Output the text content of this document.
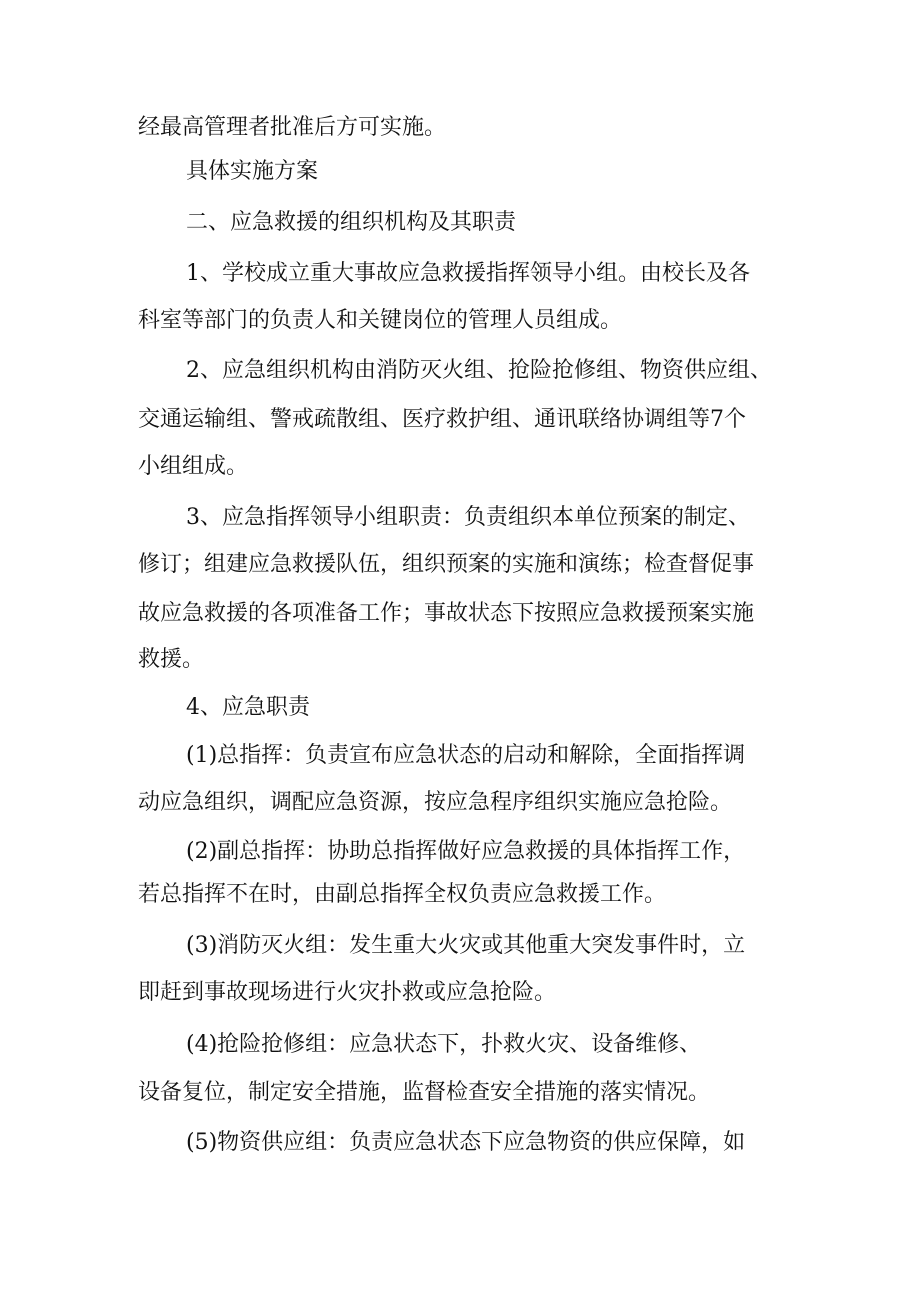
经最高管理者批准后方可实施。
具体实施方案
二、应急救援的组织机构及其职责
1、学校成立重大事故应急救援指挥领导小组。由校长及各
科室等部门的负责人和关键岗位的管理人员组成。
2、应急组织机构由消防灭火组、抢险抢修组、物资供应组、
交通运输组、警戒疏散组、医疗救护组、通讯联络协调组等7个
小组组成。
3、应急指挥领导小组职责：负责组织本单位预案的制定、
修订；组建应急救援队伍，组织预案的实施和演练；检查督促事
故应急救援的各项准备工作；事故状态下按照应急救援预案实施
救援。
4、应急职责
(1)总指挥：负责宣布应急状态的启动和解除，全面指挥调
动应急组织，调配应急资源，按应急程序组织实施应急抢险。
(2)副总指挥：协助总指挥做好应急救援的具体指挥工作，
若总指挥不在时，由副总指挥全权负责应急救援工作。
(3)消防灭火组：发生重大火灾或其他重大突发事件时，立
即赶到事故现场进行火灾扑救或应急抢险。
(4)抢险抢修组：应急状态下，扑救火灾、设备维修、
设备复位，制定安全措施，监督检查安全措施的落实情况。
(5)物资供应组：负责应急状态下应急物资的供应保障，如
